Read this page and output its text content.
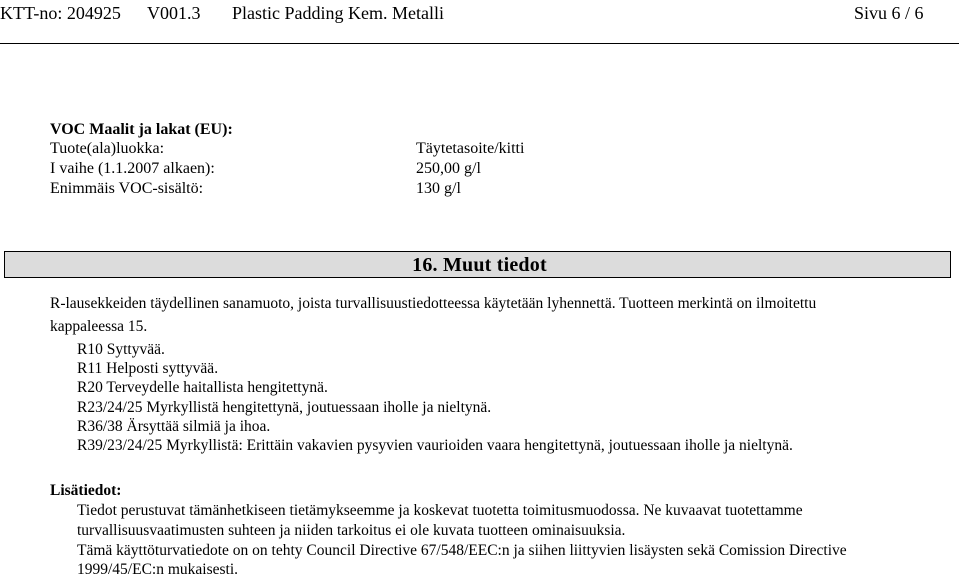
KTT-no: 204925 V001.3 Plastic Padding Kem. Metalli	Sivu 6 / 6
VOC Maalit ja lakat (EU):
Tuote(ala)luokka:	Täytetasoite/kitti
I vaihe (1.1.2007 alkaen):	250,00 g/l
Enimmäis VOC-sisältö:	130 g/l
16. Muut tiedot
R-lausekkeiden täydellinen sanamuoto, joista turvallisuustiedotteessa käytetään lyhennettä. Tuotteen merkintä on ilmoitettu
kappaleessa 15.
R10 Syttyvää.
R11 Helposti syttyvää.
R20 Terveydelle haitallista hengitettynä.
R23/24/25 Myrkyllistä hengitettynä, joutuessaan iholle ja nieltynä.
R36/38 Ärsyttää silmiä ja ihoa.
R39/23/24/25 Myrkyllistä: Erittäin vakavien pysyvien vaurioiden vaara hengitettynä, joutuessaan iholle ja nieltynä.
Lisätiedot:
Tiedot perustuvat tämänhetkiseen tietämykseemme ja koskevat tuotetta toimitusmuodossa. Ne kuvaavat tuotettamme
turvallisuusvaatimusten suhteen ja niiden tarkoitus ei ole kuvata tuotteen ominaisuuksia.
Tämä käyttöturvatiedote on on tehty Council Directive 67/548/EEC:n ja siihen liittyvien lisäysten sekä Comission Directive
1999/45/EC:n mukaisesti.
